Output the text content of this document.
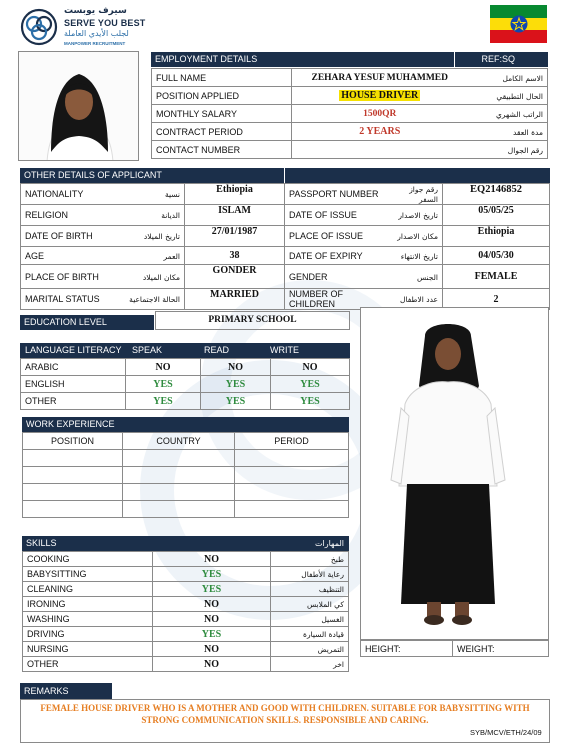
سيرف يوبست
SERVE YOU BEST
لجلب الأيدي العاملة
MANPOWER RECRUITMENT
EMPLOYMENT DETAILS	REF:SQ
FULL NAME	ZEHARA YESUF MUHAMMED	الاسم الكامل
POSITION APPLIED	HOUSE DRIVER	الحال التطبيقي
MONTHLY SALARY	1500QR	الراتب الشهري
CONTRACT PERIOD	2 YEARS	مدة العقد
CONTACT NUMBER		رقم الجوال
OTHER DETAILS OF APPLICANT
NATIONALITY	نسية	Ethiopia	PASSPORT NUMBER	رقم جواز السفر	EQ2146852
RELIGION	الديانة	ISLAM	DATE OF ISSUE	تاريخ الاصدار	05/05/25
DATE OF BIRTH	تاريخ الميلاد	27/01/1987	PLACE OF ISSUE	مكان الاصدار	Ethiopia
AGE	العمر	38	DATE OF EXPIRY	تاريخ الانتهاء	04/05/30
PLACE OF BIRTH	مكان الميلاد	GONDER	GENDER	الجنس	FEMALE
MARITAL STATUS	الحالة الاجتماعية	MARRIED	NUMBER OF CHILDREN	عدد الاطفال	2
EDUCATION LEVEL	PRIMARY SCHOOL
LANGUAGE LITERACY SPEAK	READ	WRITE
ARABIC	NO	NO	NO
ENGLISH	YES	YES	YES
OTHER	YES	YES	YES
WORK EXPERIENCE
POSITION	COUNTRY	PERIOD

SKILLS	المهارات
COOKING	NO	طبخ
BABYSITTING	YES	رعاية الأطفال
CLEANING	YES	التنظيف
IRONING	NO	كي الملابس
WASHING	NO	الغسيل
DRIVING	YES	قيادة السيارة
NURSING	NO	التمريض
OTHER	NO	اخر
HEIGHT:	WEIGHT:
REMARKS
FEMALE HOUSE DRIVER WHO IS A MOTHER AND GOOD WITH CHILDREN. SUITABLE FOR BABYSITTING WITH STRONG COMMUNICATION SKILLS. RESPONSIBLE AND CARING.
SYB/MCV/ETH/24/09
